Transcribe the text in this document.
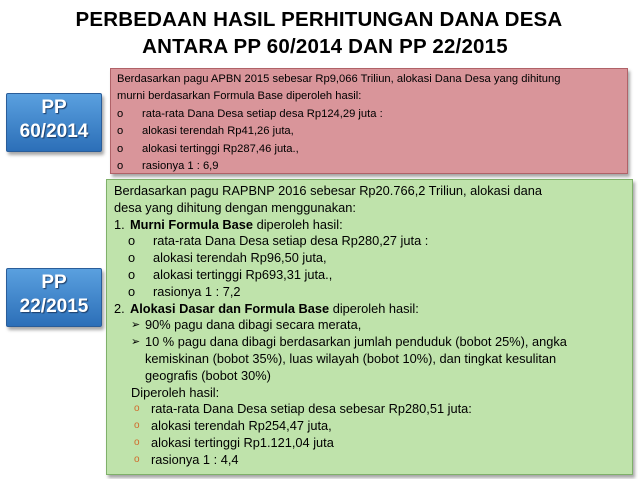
PERBEDAAN HASIL PERHITUNGAN DANA DESA
ANTARA PP 60/2014 DAN PP 22/2015
PP
60/2014
PP
22/2015
Berdasarkan pagu APBN 2015 sebesar Rp9,066 Triliun, alokasi Dana Desa yang dihitung
murni berdasarkan Formula Base diperoleh hasil:
o	rata-rata Dana Desa setiap desa Rp124,29 juta :
o	alokasi terendah Rp41,26 juta,
o	alokasi tertinggi Rp287,46 juta.,
o	rasionya 1 : 6,9
Berdasarkan pagu RAPBNP 2016 sebesar Rp20.766,2 Triliun, alokasi dana
desa yang dihitung dengan menggunakan:
1. Murni Formula Base diperoleh hasil:
o	rata-rata Dana Desa setiap desa Rp280,27 juta :
o	alokasi terendah Rp96,50 juta,
o	alokasi tertinggi Rp693,31 juta.,
o	rasionya 1 : 7,2
2. Alokasi Dasar dan Formula Base diperoleh hasil:
➢ 90% pagu dana dibagi secara merata,
➢ 10 % pagu dana dibagi berdasarkan jumlah penduduk (bobot 25%), angka
kemiskinan (bobot 35%), luas wilayah (bobot 10%), dan tingkat kesulitan
geografis (bobot 30%)
Diperoleh hasil:
o rata-rata Dana Desa setiap desa sebesar Rp280,51 juta:
o alokasi terendah Rp254,47 juta,
o alokasi tertinggi Rp1.121,04 juta
o rasionya 1 : 4,4
